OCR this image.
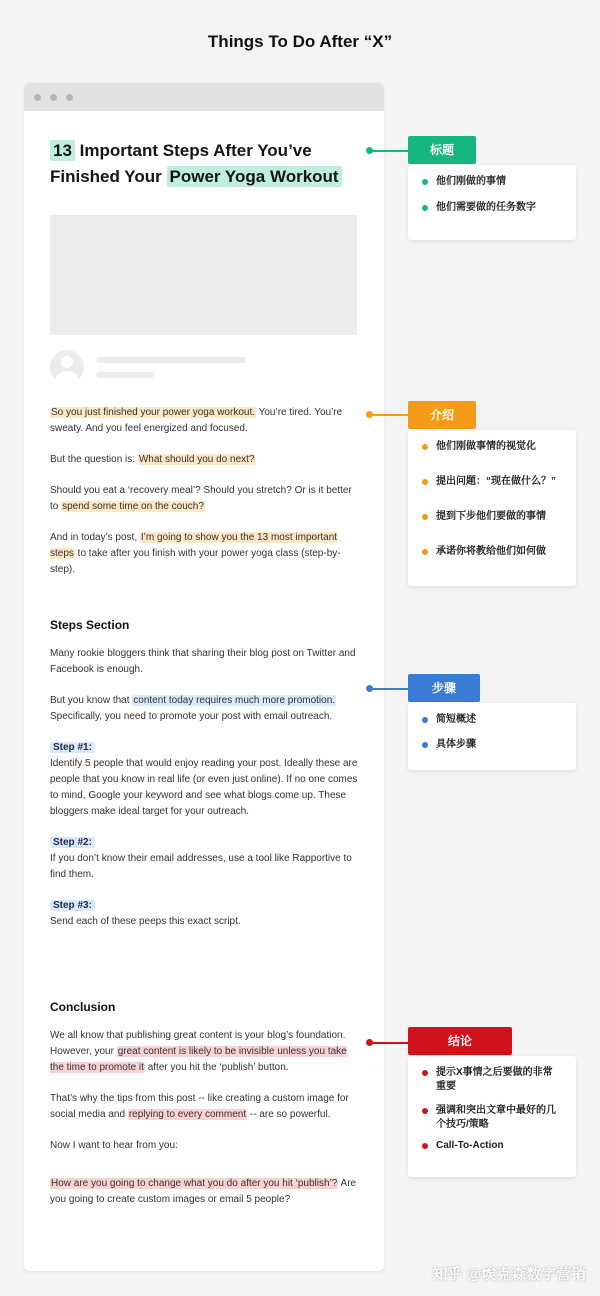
Things To Do After “X”
13 Important Steps After You’ve Finished Your Power Yoga Workout

So you just finished your power yoga workout. You’re tired. You’re sweaty. And you feel energized and focused.

But the question is: What should you do next?

Should you eat a ‘recovery meal’? Should you stretch? Or is it better to spend some time on the couch?

And in today’s post, I’m going to show you the 13 most important steps to take after you finish with your power yoga class (step-by-step).

Steps Section

Many rookie bloggers think that sharing their blog post on Twitter and Facebook is enough.

But you know that content today requires much more promotion. Specifically, you need to promote your post with email outreach.

Step #1:
Identify 5 people that would enjoy reading your post. Ideally these are people that you know in real life (or even just online). If no one comes to mind, Google your keyword and see what blogs come up. These bloggers make ideal target for your outreach.

Step #2:
If you don’t know their email addresses, use a tool like Rapportive to find them.

Step #3:
Send each of these peeps this exact script.

Conclusion

We all know that publishing great content is your blog’s foundation. However, your great content is likely to be invisible unless you take the time to promote it after you hit the ‘publish’ button.

That’s why the tips from this post -- like creating a custom image for social media and replying to every comment -- are so powerful.

Now I want to hear from you:

How are you going to change what you do after you hit ‘publish’? Are you going to create custom images or email 5 people?

标题
他们刚做的事情
他们需要做的任务数字
介绍
他们刚做事情的视觉化
提出问题：“现在做什么？”
提到下步他们要做的事情
承诺你将教给他们如何做
步骤
简短概述
具体步骤
结论
提示X事情之后要做的非常重要
强调和突出文章中最好的几个技巧/策略
Call-To-Action
知乎 @埃克森数字营销
